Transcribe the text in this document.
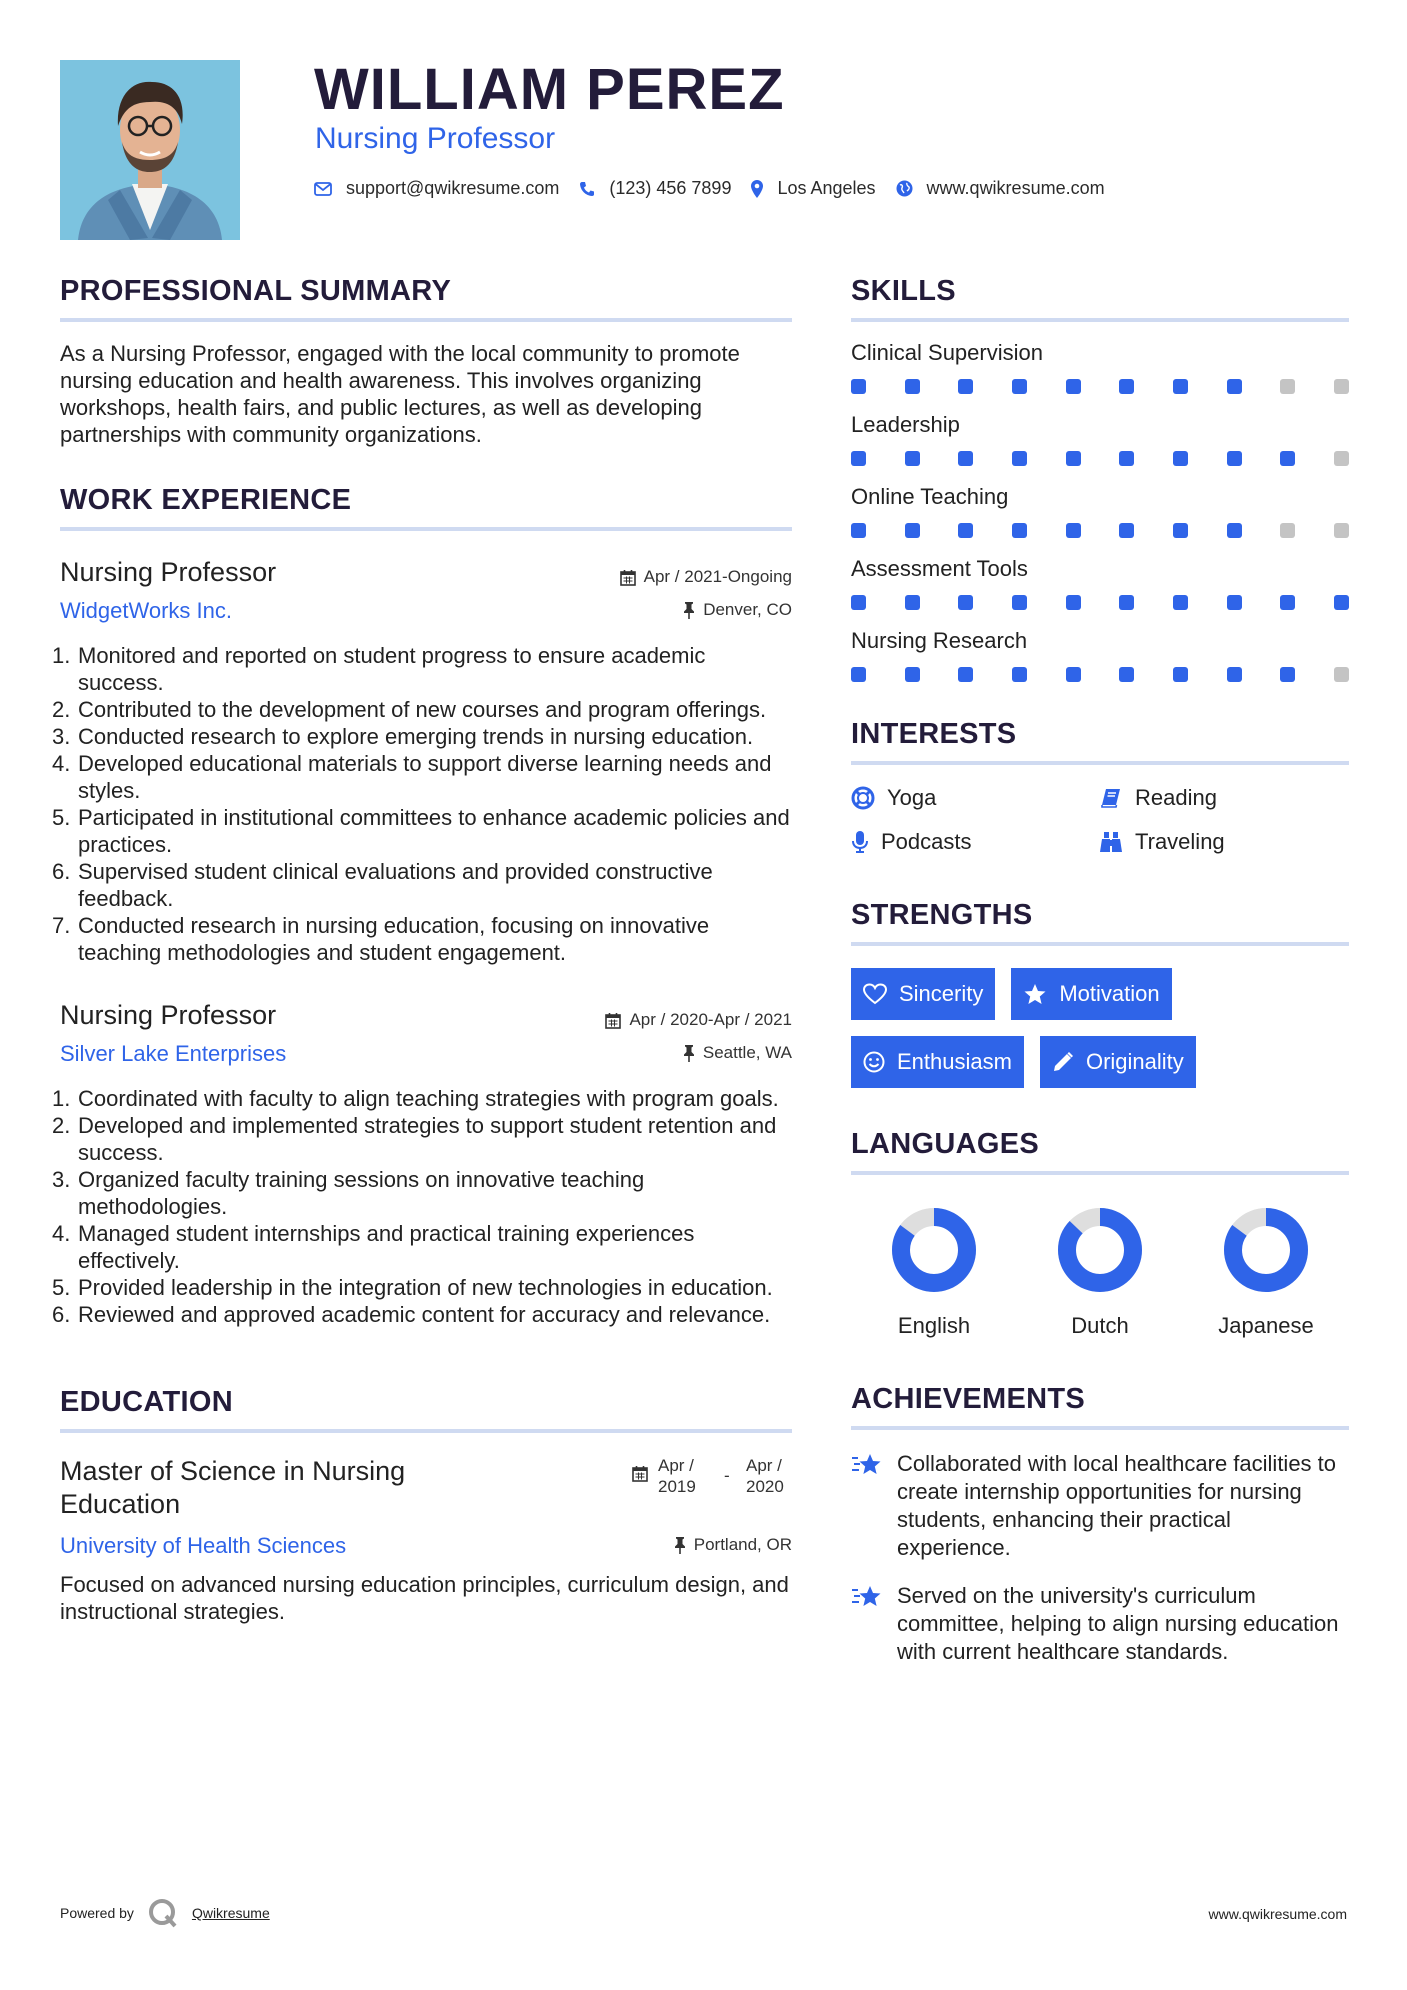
WILLIAM PEREZ
Nursing Professor
support@qwikresume.com	(123) 456 7899	Los Angeles	www.qwikresume.com
PROFESSIONAL SUMMARY

As a Nursing Professor, engaged with the local community to promote nursing education and health awareness. This involves organizing workshops, health fairs, and public lectures, as well as developing partnerships with community organizations.

WORK EXPERIENCE
Nursing Professor	Apr / 2021-Ongoing
WidgetWorks Inc.	Denver, CO
Monitored and reported on student progress to ensure academic success.
Contributed to the development of new courses and program offerings.
Conducted research to explore emerging trends in nursing education.
Developed educational materials to support diverse learning needs and styles.
Participated in institutional committees to enhance academic policies and practices.
Supervised student clinical evaluations and provided constructive feedback.
Conducted research in nursing education, focusing on innovative teaching methodologies and student engagement.
Nursing Professor	Apr / 2020-Apr / 2021
Silver Lake Enterprises	Seattle, WA
Coordinated with faculty to align teaching strategies with program goals.
Developed and implemented strategies to support student retention and success.
Organized faculty training sessions on innovative teaching methodologies.
Managed student internships and practical training experiences effectively.
Provided leadership in the integration of new technologies in education.
Reviewed and approved academic content for accuracy and relevance.
EDUCATION
Master of Science in Nursing Education
Apr /
2019
-
Apr /
2020
University of Health Sciences	Portland, OR

Focused on advanced nursing education principles, curriculum design, and instructional strategies.

SKILLS
Clinical Supervision
Leadership
Online Teaching
Assessment Tools
Nursing Research
INTERESTS
Yoga	Reading
Podcasts	Traveling
STRENGTHS
Sincerity	Motivation
Enthusiasm	Originality
LANGUAGES
English	Dutch	Japanese
ACHIEVEMENTS
Collaborated with local healthcare facilities to create internship opportunities for nursing students, enhancing their practical experience.
Served on the university's curriculum committee, helping to align nursing education with current healthcare standards.
Powered by	Qwikresume	www.qwikresume.com
